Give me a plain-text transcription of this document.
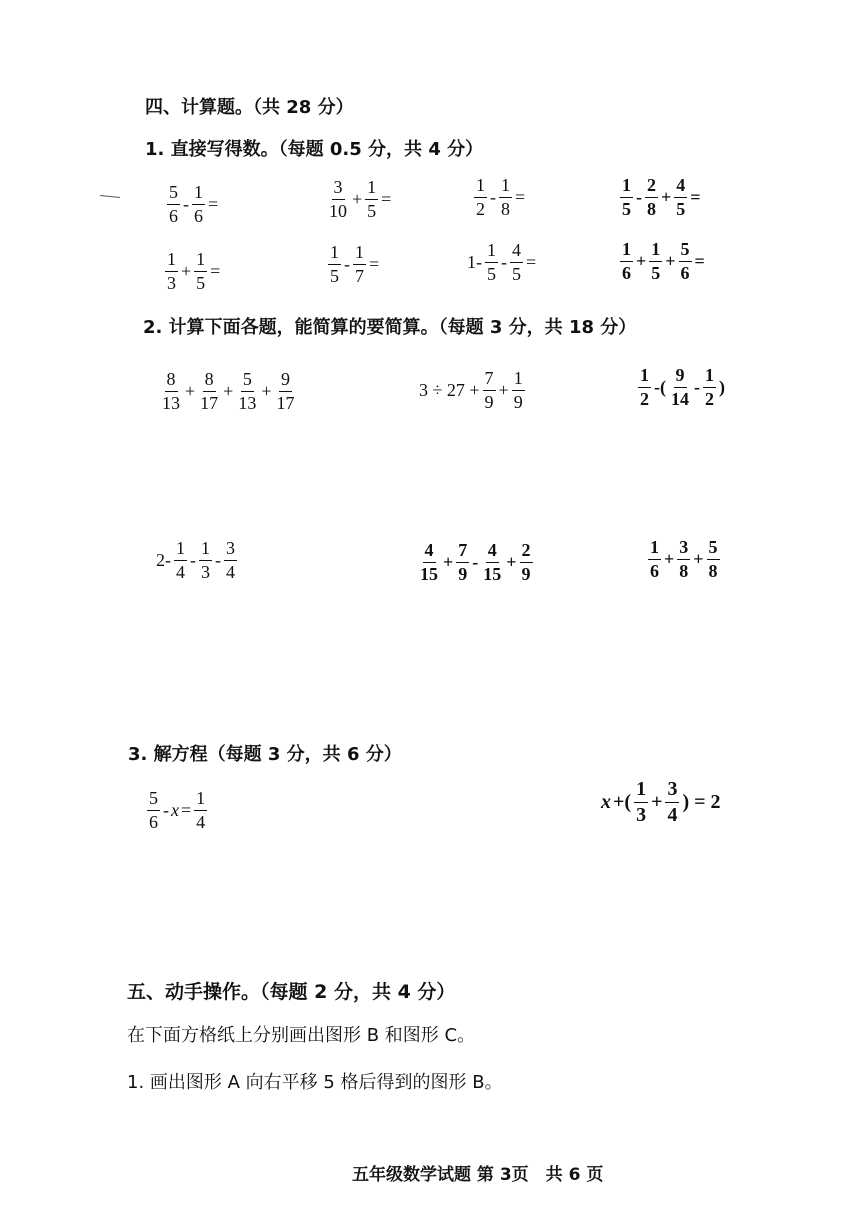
四、计算题。（共 28 分）
1. 直接写得数。（每题 0.5 分，共 4 分）
$\frac{5}{6} - \frac{1}{6}$ =	$\frac{3}{10} + \frac{1}{5}$ =	$\frac{1}{2} - \frac{1}{8}$ =	$\frac{1}{5} - \frac{2}{8} + \frac{4}{5}$ =
$\frac{1}{3} + \frac{1}{5}$ =	$\frac{1}{5} - \frac{1}{7}$ =	$1- \frac{1}{5} - \frac{4}{5}$ =	$\frac{1}{6} + \frac{1}{5} + \frac{5}{6}$ =
2. 计算下面各题，能简算的要简算。（每题 3 分，共 18 分）
$\frac{8}{13} + \frac{8}{17} + \frac{5}{13} + \frac{9}{17}$	$3 \div 27 + \frac{7}{9} + \frac{1}{9}$	$\frac{1}{2}$ -( $\frac{9}{14} - \frac{1}{2}$ )
$2- \frac{1}{4} - \frac{1}{3} - \frac{3}{4}$	$\frac{4}{15} + \frac{7}{9} - \frac{4}{15} + \frac{2}{9}$	$\frac{1}{6} + \frac{3}{8} + \frac{5}{8}$
3. 解方程（每题 3 分，共 6 分）
$\frac{5}{6} - x = \frac{1}{4}$	x +( $\frac{1}{3} + \frac{3}{4}$ ) = 2
五、动手操作。（每题 2 分，共 4 分）
在下面方格纸上分别画出图形 B 和图形 C。
1. 画出图形 A 向右平移 5 格后得到的图形 B。
五年级数学试题 第 3页　共 6 页
